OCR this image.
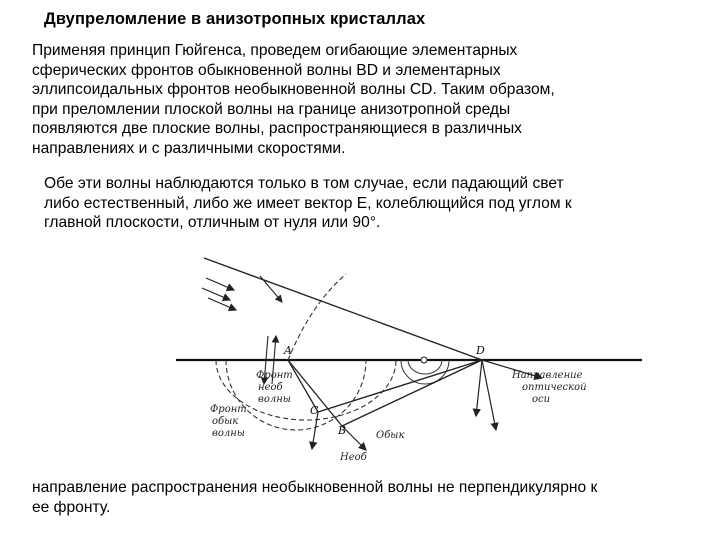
Двупреломление в анизотропных кристаллах

Применяя принцип Гюйгенса, проведем огибающие элементарных
сферических фронтов обыкновенной волны BD и элементарных
эллипсоидальных фронтов необыкновенной волны CD. Таким образом,
при преломлении плоской волны на границе анизотропной среды
появляются две плоские волны, распространяющиеся в различных
направлениях и с различными скоростями.

Обе эти волны наблюдаются только в том случае, если падающий свет
либо естественный, либо же имеет вектор E, колеблющийся под углом к
главной плоскости, отличным от нуля или 90°.

A	D
C
B
Фронт
необ
волны
Фронт
обык
волны
Направление
оптической
оси
Обык
Необ

направление распространения необыкновенной волны не перпендикулярно к
ее фронту.
